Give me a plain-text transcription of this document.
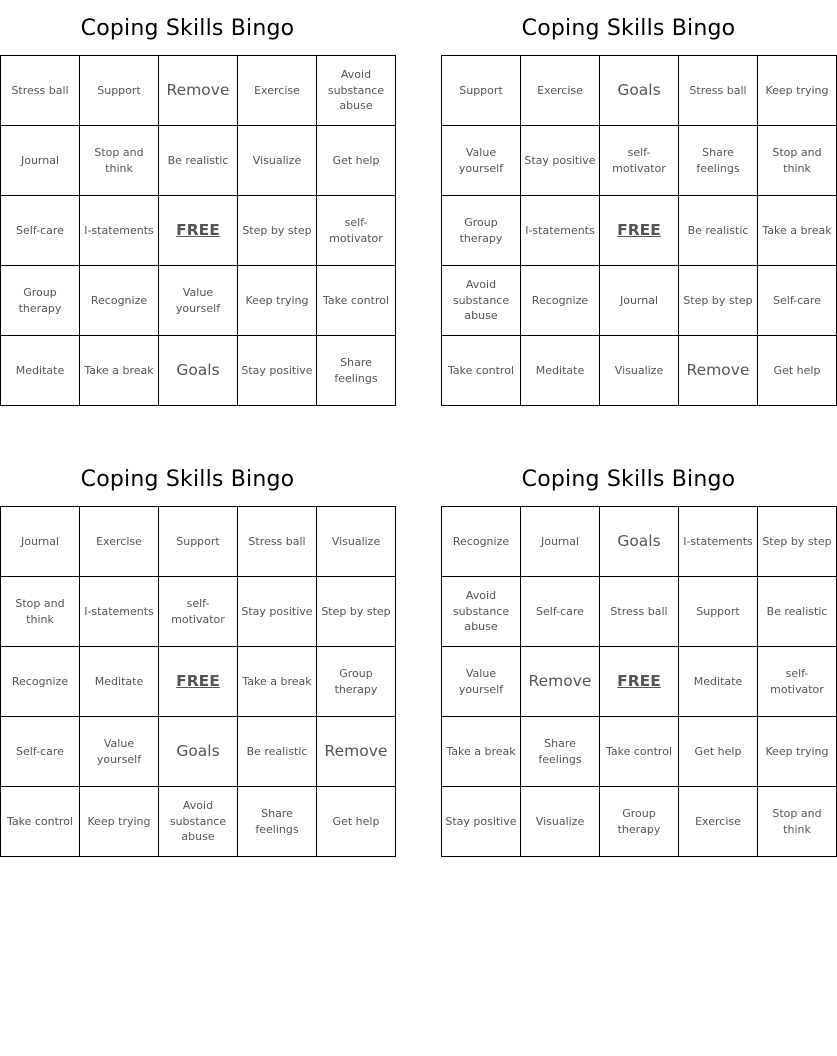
Coping Skills Bingo
Stress ball	Support	Remove	Exercise	Avoid substance abuse
Journal	Stop and think	Be realistic	Visualize	Get help
Self-care	I-statements	FREE	Step by step	self-motivator
Group therapy	Recognize	Value yourself	Keep trying	Take control
Meditate	Take a break	Goals	Stay positive	Share feelings
Coping Skills Bingo
Support	Exercise	Goals	Stress ball	Keep trying
Value yourself	Stay positive	self-motivator	Share feelings	Stop and think
Group therapy	I-statements	FREE	Be realistic	Take a break
Avoid substance abuse	Recognize	Journal	Step by step	Self-care
Take control	Meditate	Visualize	Remove	Get help
Coping Skills Bingo
Journal	Exercise	Support	Stress ball	Visualize
Stop and think	I-statements	self-motivator	Stay positive	Step by step
Recognize	Meditate	FREE	Take a break	Group therapy
Self-care	Value yourself	Goals	Be realistic	Remove
Take control	Keep trying	Avoid substance abuse	Share feelings	Get help
Coping Skills Bingo
Recognize	Journal	Goals	I-statements	Step by step
Avoid substance abuse	Self-care	Stress ball	Support	Be realistic
Value yourself	Remove	FREE	Meditate	self-motivator
Take a break	Share feelings	Take control	Get help	Keep trying
Stay positive	Visualize	Group therapy	Exercise	Stop and think
